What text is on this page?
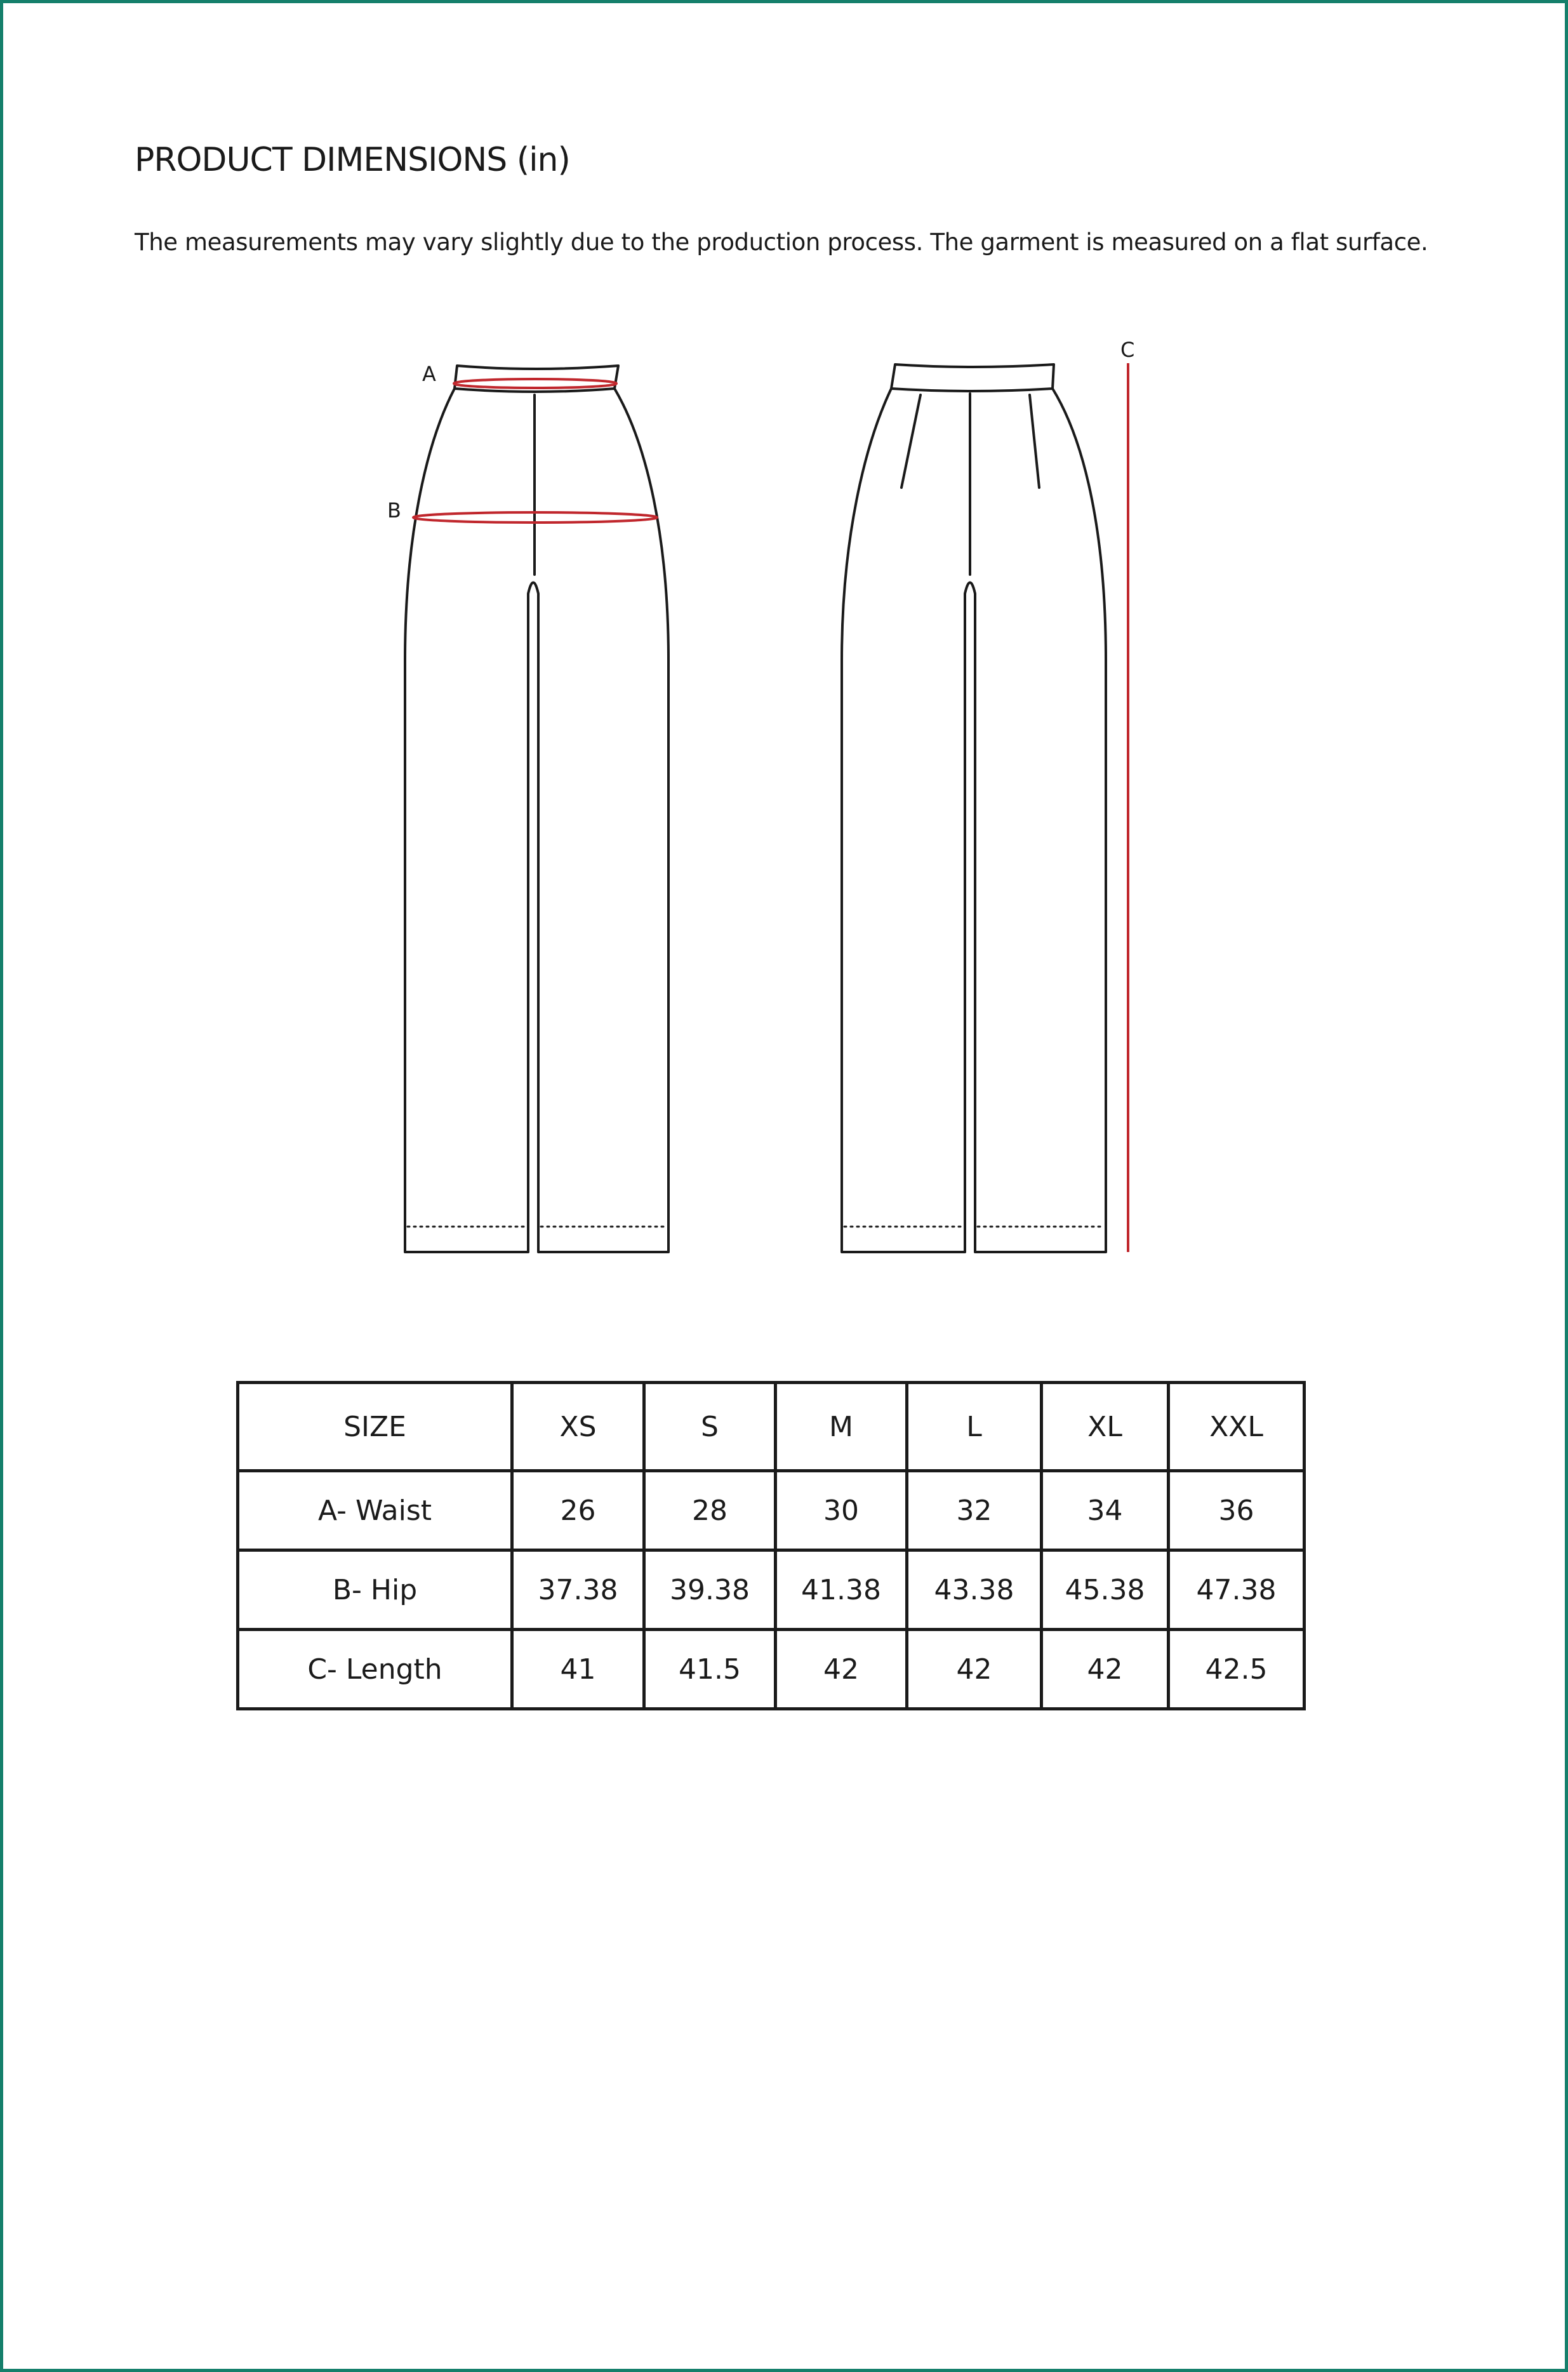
PRODUCT DIMENSIONS (in)
The measurements may vary slightly due to the production process. The garment is measured on a flat surface.
A
B
C
SIZE	XS	S	M	L	XL	XXL
A- Waist	26	28	30	32	34	36
B- Hip	37.38	39.38	41.38	43.38	45.38	47.38
C- Length	41	41.5	42	42	42	42.5
